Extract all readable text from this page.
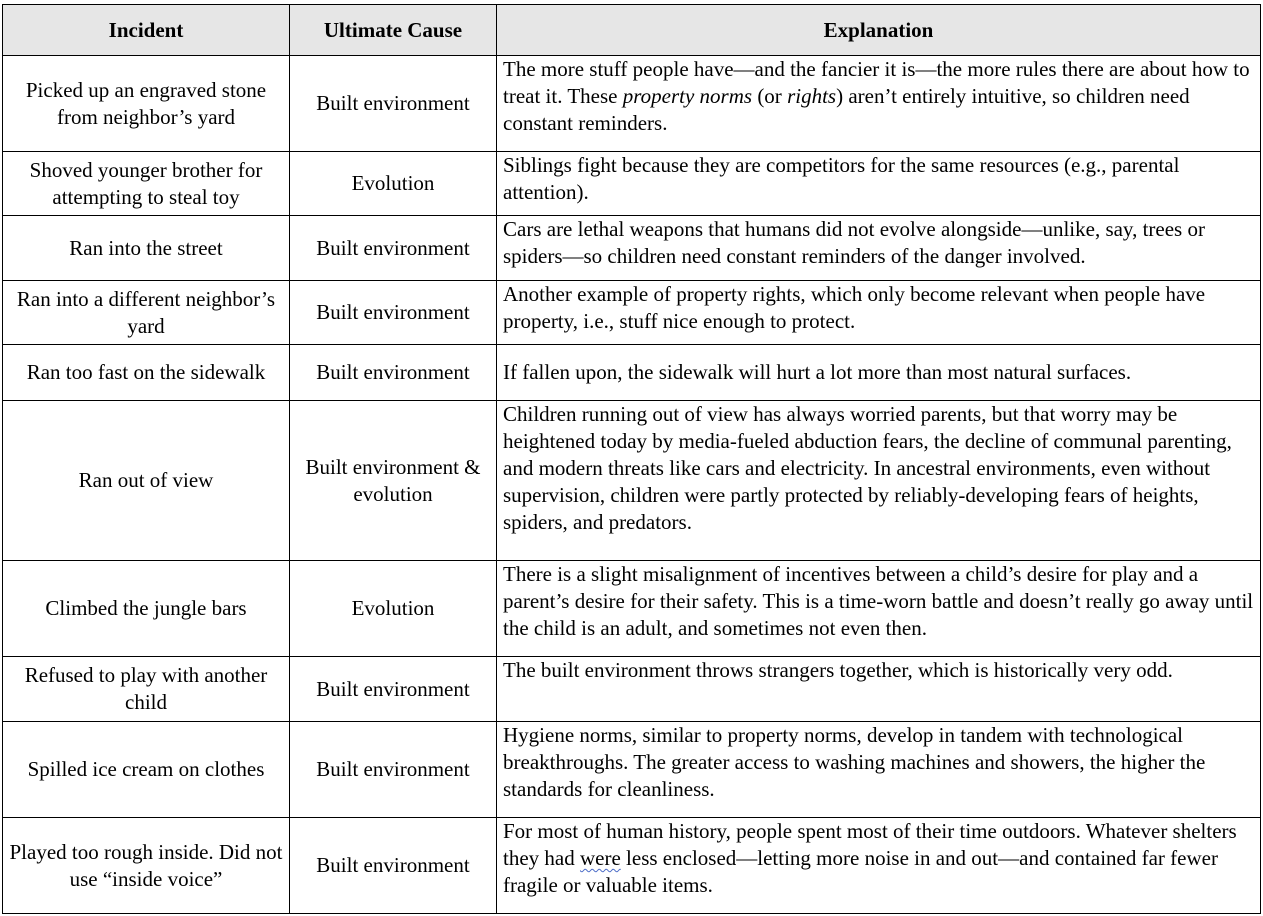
Incident	Ultimate Cause	Explanation
Picked up an engraved stone from neighbor’s yard	Built environment	The more stuff people have—and the fancier it is—the more rules there are about how to treat it. These property norms (or rights) aren’t entirely intuitive, so children need constant reminders.
Shoved younger brother for attempting to steal toy	Evolution	Siblings fight because they are competitors for the same resources (e.g., parental attention).
Ran into the street	Built environment	Cars are lethal weapons that humans did not evolve alongside—unlike, say, trees or spiders—so children need constant reminders of the danger involved.
Ran into a different neighbor’s yard	Built environment	Another example of property rights, which only become relevant when people have property, i.e., stuff nice enough to protect.
Ran too fast on the sidewalk	Built environment	If fallen upon, the sidewalk will hurt a lot more than most natural surfaces.
Ran out of view	Built environment & evolution	Children running out of view has always worried parents, but that worry may be heightened today by media-fueled abduction fears, the decline of communal parenting, and modern threats like cars and electricity. In ancestral environments, even without supervision, children were partly protected by reliably-developing fears of heights, spiders, and predators.
Climbed the jungle bars	Evolution	There is a slight misalignment of incentives between a child’s desire for play and a parent’s desire for their safety. This is a time-worn battle and doesn’t really go away until the child is an adult, and sometimes not even then.
Refused to play with another child	Built environment	The built environment throws strangers together, which is historically very odd.
Spilled ice cream on clothes	Built environment	Hygiene norms, similar to property norms, develop in tandem with technological breakthroughs. The greater access to washing machines and showers, the higher the standards for cleanliness.
Played too rough inside. Did not use “inside voice”	Built environment	For most of human history, people spent most of their time outdoors. Whatever shelters they had were less enclosed—letting more noise in and out—and contained far fewer fragile or valuable items.
